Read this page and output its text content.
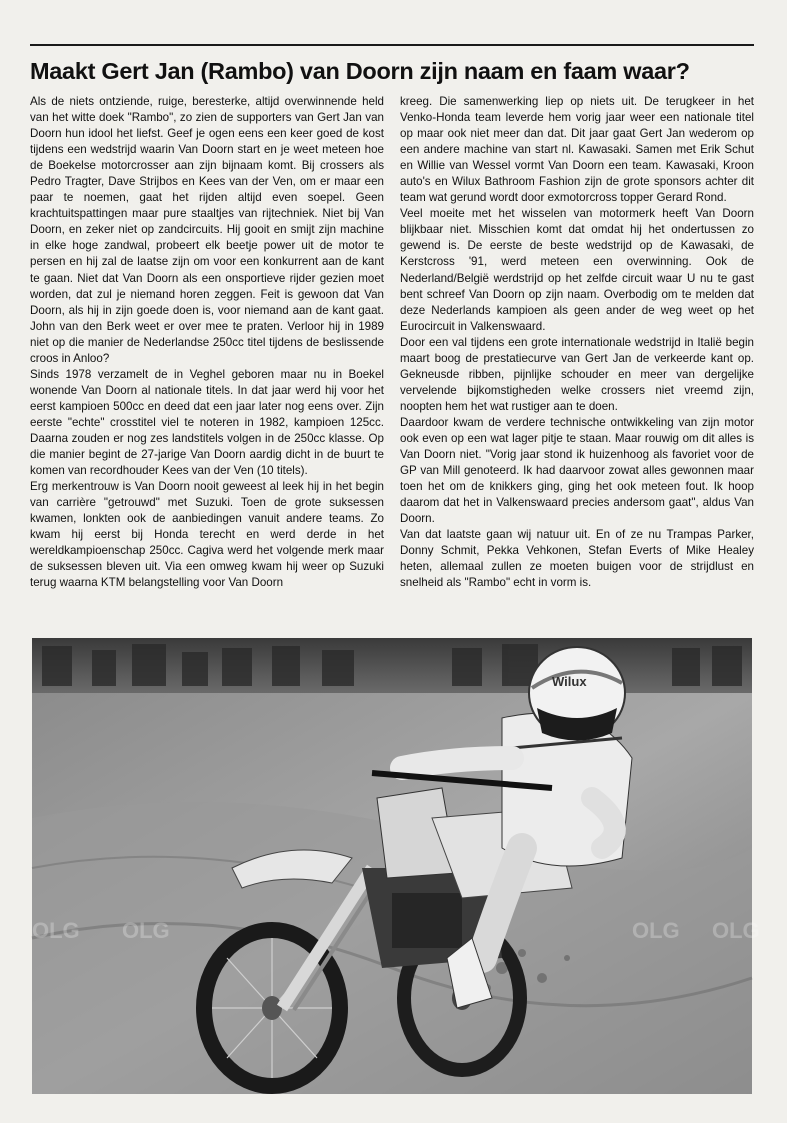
Maakt Gert Jan (Rambo) van Doorn zijn naam en faam waar?

Als de niets ontziende, ruige, beresterke, altijd overwinnende held van het witte doek "Rambo", zo zien de supporters van Gert Jan van Doorn hun idool het liefst. Geef je ogen eens een keer goed de kost tijdens een wedstrijd waarin Van Doorn start en je weet meteen hoe de Boekelse motorcrosser aan zijn bijnaam komt. Bij crossers als Pedro Tragter, Dave Strijbos en Kees van der Ven, om er maar een paar te noemen, gaat het rijden altijd even soepel. Geen krachtuitspattingen maar pure staaltjes van rijtechniek. Niet bij Van Doorn, en zeker niet op zandcircuits. Hij gooit en smijt zijn machine in elke hoge zandwal, probeert elk beetje power uit de motor te persen en hij zal de laatse zijn om voor een konkurrent aan de kant te gaan. Niet dat Van Doorn als een onsportieve rijder gezien moet worden, dat zul je niemand horen zeggen. Feit is gewoon dat Van Doorn, als hij in zijn goede doen is, voor niemand aan de kant gaat. John van den Berk weet er over mee te praten. Verloor hij in 1989 niet op die manier de Nederlandse 250cc titel tijdens de beslissende croos in Anloo?

Sinds 1978 verzamelt de in Veghel geboren maar nu in Boekel wonende Van Doorn al nationale titels. In dat jaar werd hij voor het eerst kampioen 500cc en deed dat een jaar later nog eens over. Zijn eerste "echte" crosstitel viel te noteren in 1982, kampioen 125cc. Daarna zouden er nog zes landstitels volgen in de 250cc klasse. Op die manier begint de 27-jarige Van Doorn aardig dicht in de buurt te komen van recordhouder Kees van der Ven (10 titels).

Erg merkentrouw is Van Doorn nooit geweest al leek hij in het begin van carrière "getrouwd" met Suzuki. Toen de grote suksessen kwamen, lonkten ook de aanbiedingen vanuit andere teams. Zo kwam hij eerst bij Honda terecht en werd derde in het wereldkampioenschap 250cc. Cagiva werd het volgende merk maar de suksessen bleven uit. Via een omweg kwam hij weer op Suzuki terug waarna KTM belangstelling voor Van Doorn

kreeg. Die samenwerking liep op niets uit. De terugkeer in het Venko-Honda team leverde hem vorig jaar weer een nationale titel op maar ook niet meer dan dat. Dit jaar gaat Gert Jan wederom op een andere machine van start nl. Kawasaki. Samen met Erik Schut en Willie van Wessel vormt Van Doorn een team. Kawasaki, Kroon auto's en Wilux Bathroom Fashion zijn de grote sponsors achter dit team wat gerund wordt door exmotorcross topper Gerard Rond.

Veel moeite met het wisselen van motormerk heeft Van Doorn blijkbaar niet. Misschien komt dat omdat hij het ondertussen zo gewend is. De eerste de beste wedstrijd op de Kawasaki, de Kerstcross '91, werd meteen een overwinning. Ook de Nederland/België werdstrijd op het zelfde circuit waar U nu te gast bent schreef Van Doorn op zijn naam. Overbodig om te melden dat deze Nederlands kampioen als geen ander de weg weet op het Eurocircuit in Valkenswaard.

Door een val tijdens een grote internationale wedstrijd in Italië begin maart boog de prestatiecurve van Gert Jan de verkeerde kant op. Gekneusde ribben, pijnlijke schouder en meer van dergelijke vervelende bijkomstigheden welke crossers niet vreemd zijn, noopten hem het wat rustiger aan te doen.

Daardoor kwam de verdere technische ontwikkeling van zijn motor ook even op een wat lager pitje te staan. Maar rouwig om dit alles is Van Doorn niet. "Vorig jaar stond ik huizenhoog als favoriet voor de GP van Mill genoteerd. Ik had daarvoor zowat alles gewonnen maar toen het om de knikkers ging, ging het ook meteen fout. Ik hoop daarom dat het in Valkenswaard precies andersom gaat", aldus Van Doorn.

Van dat laatste gaan wij natuur uit. En of ze nu Trampas Parker, Donny Schmit, Pekka Vehkonen, Stefan Everts of Mike Healey heten, allemaal zullen ze moeten buigen voor de strijdlust en snelheid als "Rambo" echt in vorm is.

Wilux
OLG OLG	OLG OLG
